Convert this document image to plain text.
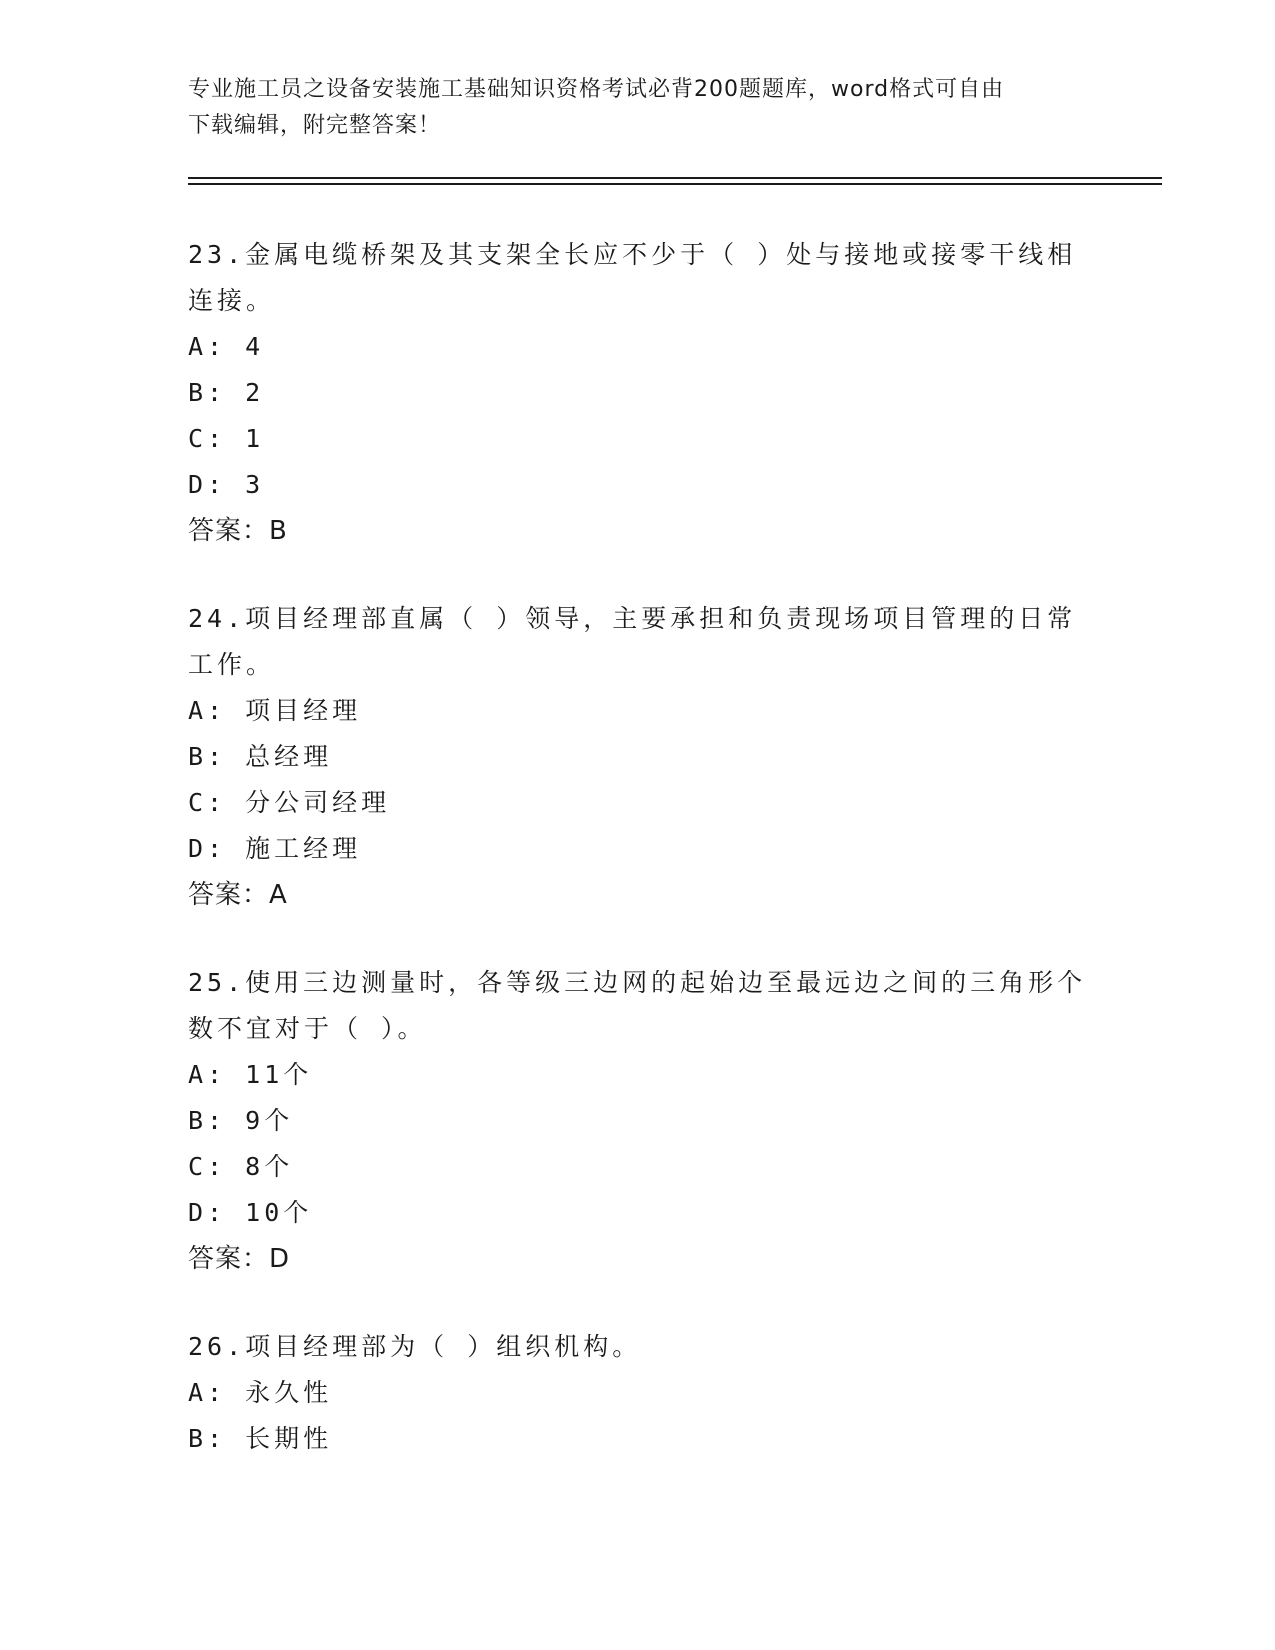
专业施工员之设备安装施工基础知识资格考试必背200题题库，word格式可自由
下载编辑，附完整答案！
23.金属电缆桥架及其支架全长应不少于（ ）处与接地或接零干线相
连接。
A: 4
B: 2
C: 1
D: 3
答案：B
24.项目经理部直属（ ）领导，主要承担和负责现场项目管理的日常
工作。
A: 项目经理
B: 总经理
C: 分公司经理
D: 施工经理
答案：A
25.使用三边测量时，各等级三边网的起始边至最远边之间的三角形个
数不宜对于（ ）。
A: 11个
B: 9个
C: 8个
D: 10个
答案：D
26.项目经理部为（ ）组织机构。
A: 永久性
B: 长期性
